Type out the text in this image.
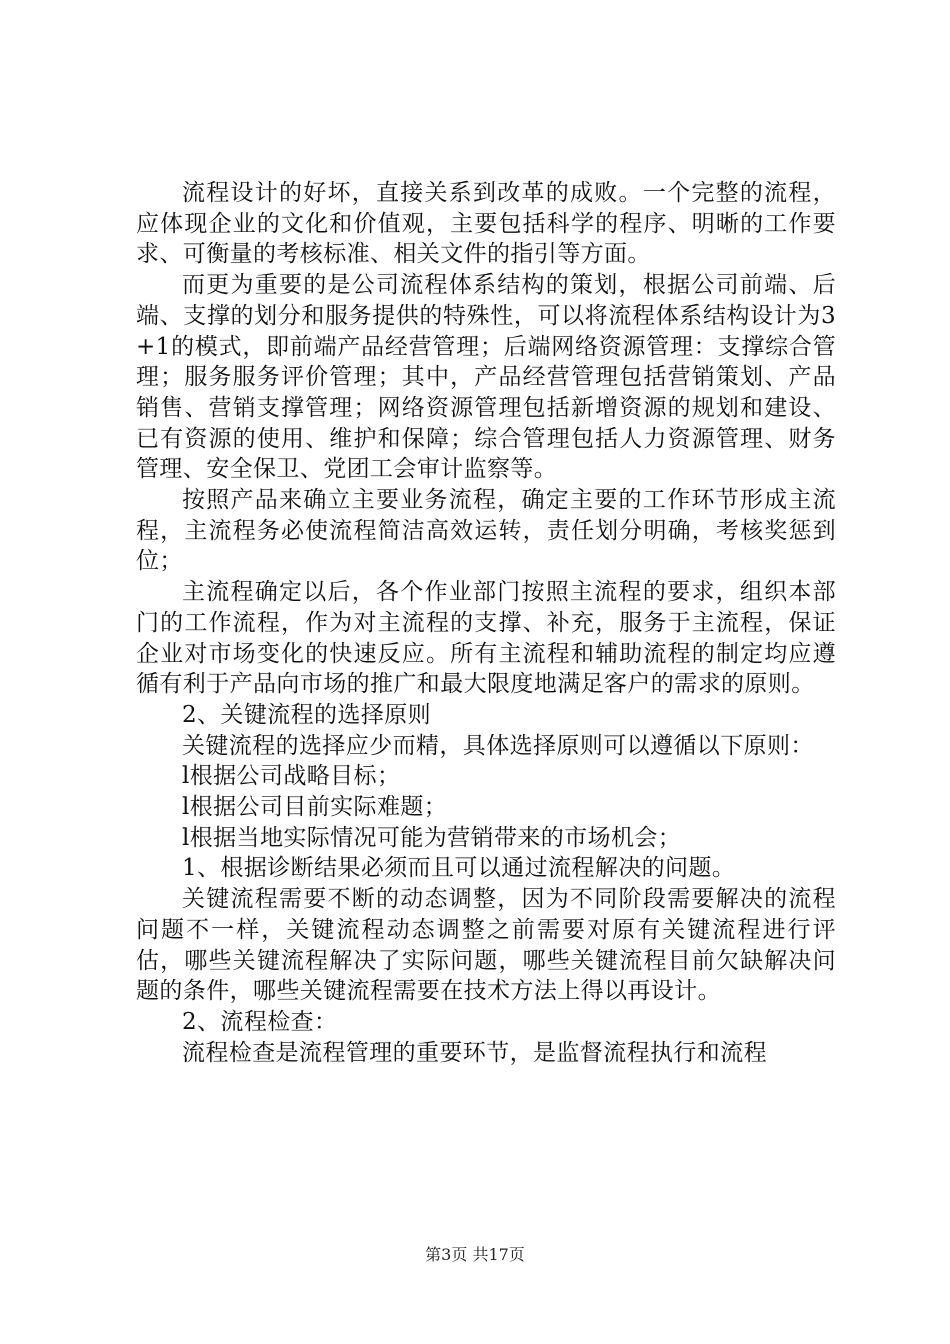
流程设计的好坏，直接关系到改革的成败。一个完整的流程，应体现企业的文化和价值观，主要包括科学的程序、明晰的工作要求、可衡量的考核标准、相关文件的指引等方面。

而更为重要的是公司流程体系结构的策划，根据公司前端、后端、支撑的划分和服务提供的特殊性，可以将流程体系结构设计为3+1的模式，即前端产品经营管理；后端网络资源管理：支撑综合管理；服务服务评价管理；其中，产品经营管理包括营销策划、产品销售、营销支撑管理；网络资源管理包括新增资源的规划和建设、已有资源的使用、维护和保障；综合管理包括人力资源管理、财务管理、安全保卫、党团工会审计监察等。

按照产品来确立主要业务流程，确定主要的工作环节形成主流程，主流程务必使流程简洁高效运转，责任划分明确，考核奖惩到位；

主流程确定以后，各个作业部门按照主流程的要求，组织本部门的工作流程，作为对主流程的支撑、补充，服务于主流程，保证企业对市场变化的快速反应。所有主流程和辅助流程的制定均应遵循有利于产品向市场的推广和最大限度地满足客户的需求的原则。

2、关键流程的选择原则

关键流程的选择应少而精，具体选择原则可以遵循以下原则：

l根据公司战略目标；

l根据公司目前实际难题；

l根据当地实际情况可能为营销带来的市场机会；

1、根据诊断结果必须而且可以通过流程解决的问题。

关键流程需要不断的动态调整，因为不同阶段需要解决的流程问题不一样，关键流程动态调整之前需要对原有关键流程进行评估，哪些关键流程解决了实际问题，哪些关键流程目前欠缺解决问题的条件，哪些关键流程需要在技术方法上得以再设计。

2、流程检查：

流程检查是流程管理的重要环节，是监督流程执行和流程

第3页 共17页
